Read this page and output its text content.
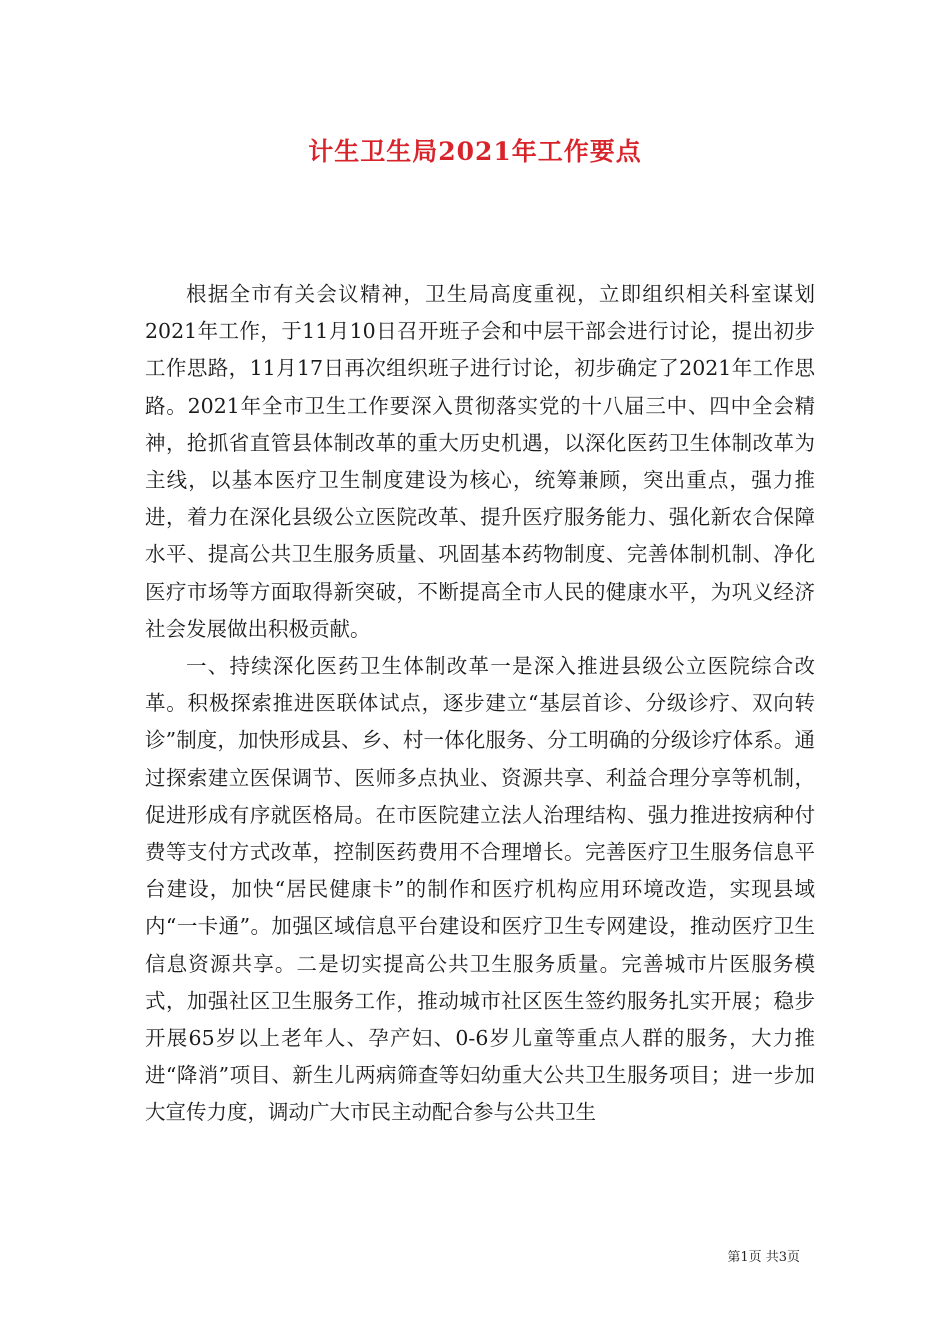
计生卫生局2021年工作要点

根据全市有关会议精神，卫生局高度重视，立即组织相关科室谋划2021年工作，于11月10日召开班子会和中层干部会进行讨论，提出初步工作思路，11月17日再次组织班子进行讨论，初步确定了2021年工作思路。2021年全市卫生工作要深入贯彻落实党的十八届三中、四中全会精神，抢抓省直管县体制改革的重大历史机遇，以深化医药卫生体制改革为主线，以基本医疗卫生制度建设为核心，统筹兼顾，突出重点，强力推进，着力在深化县级公立医院改革、提升医疗服务能力、强化新农合保障水平、提高公共卫生服务质量、巩固基本药物制度、完善体制机制、净化医疗市场等方面取得新突破，不断提高全市人民的健康水平，为巩义经济社会发展做出积极贡献。

一、持续深化医药卫生体制改革一是深入推进县级公立医院综合改革。积极探索推进医联体试点，逐步建立“基层首诊、分级诊疗、双向转诊”制度，加快形成县、乡、村一体化服务、分工明确的分级诊疗体系。通过探索建立医保调节、医师多点执业、资源共享、利益合理分享等机制，促进形成有序就医格局。在市医院建立法人治理结构、强力推进按病种付费等支付方式改革，控制医药费用不合理增长。完善医疗卫生服务信息平台建设，加快“居民健康卡”的制作和医疗机构应用环境改造，实现县域内“一卡通”。加强区域信息平台建设和医疗卫生专网建设，推动医疗卫生信息资源共享。二是切实提高公共卫生服务质量。完善城市片医服务模式，加强社区卫生服务工作，推动城市社区医生签约服务扎实开展；稳步开展65岁以上老年人、孕产妇、0-6岁儿童等重点人群的服务，大力推进“降消”项目、新生儿两病筛查等妇幼重大公共卫生服务项目；进一步加大宣传力度，调动广大市民主动配合参与公共卫生

第1页 共3页
